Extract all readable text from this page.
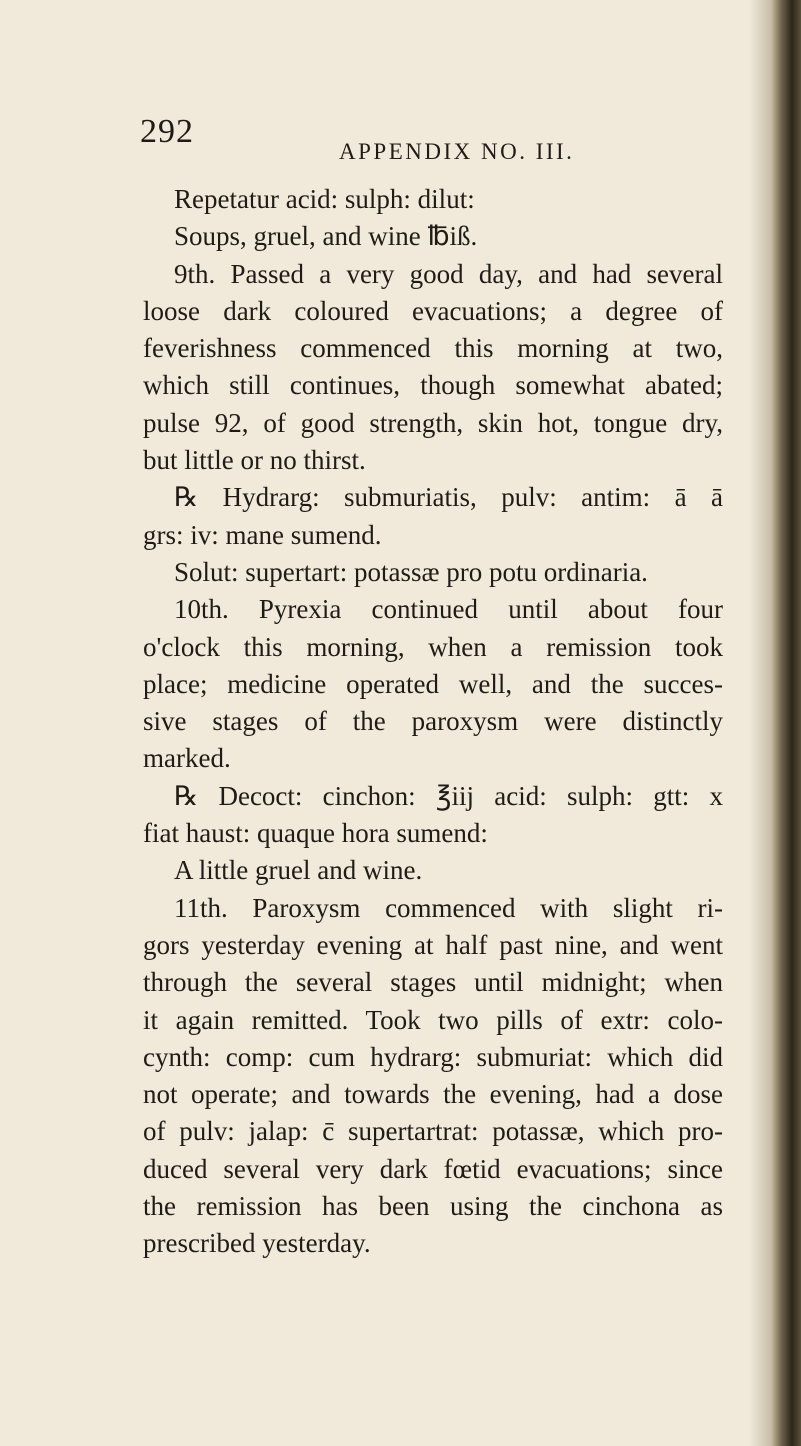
292
APPENDIX NO. III.
Repetatur acid: sulph: dilut:
Soups, gruel, and wine ℔iß.
9th. Passed a very good day, and had several
loose dark coloured evacuations; a degree of
feverishness commenced this morning at two,
which still continues, though somewhat abated;
pulse 92, of good strength, skin hot, tongue dry,
but little or no thirst.
℞ Hydrarg: submuriatis, pulv: antim: ā ā
grs: iv: mane sumend.
Solut: supertart: potassæ pro potu ordinaria.
10th. Pyrexia continued until about four
o'clock this morning, when a remission took
place; medicine operated well, and the succes-
sive stages of the paroxysm were distinctly
marked.
℞ Decoct: cinchon: ℥iij acid: sulph: gtt: x
fiat haust: quaque hora sumend:
A little gruel and wine.
11th. Paroxysm commenced with slight ri-
gors yesterday evening at half past nine, and went
through the several stages until midnight; when
it again remitted. Took two pills of extr: colo-
cynth: comp: cum hydrarg: submuriat: which did
not operate; and towards the evening, had a dose
of pulv: jalap: c̄ supertartrat: potassæ, which pro-
duced several very dark fœtid evacuations; since
the remission has been using the cinchona as
prescribed yesterday.
